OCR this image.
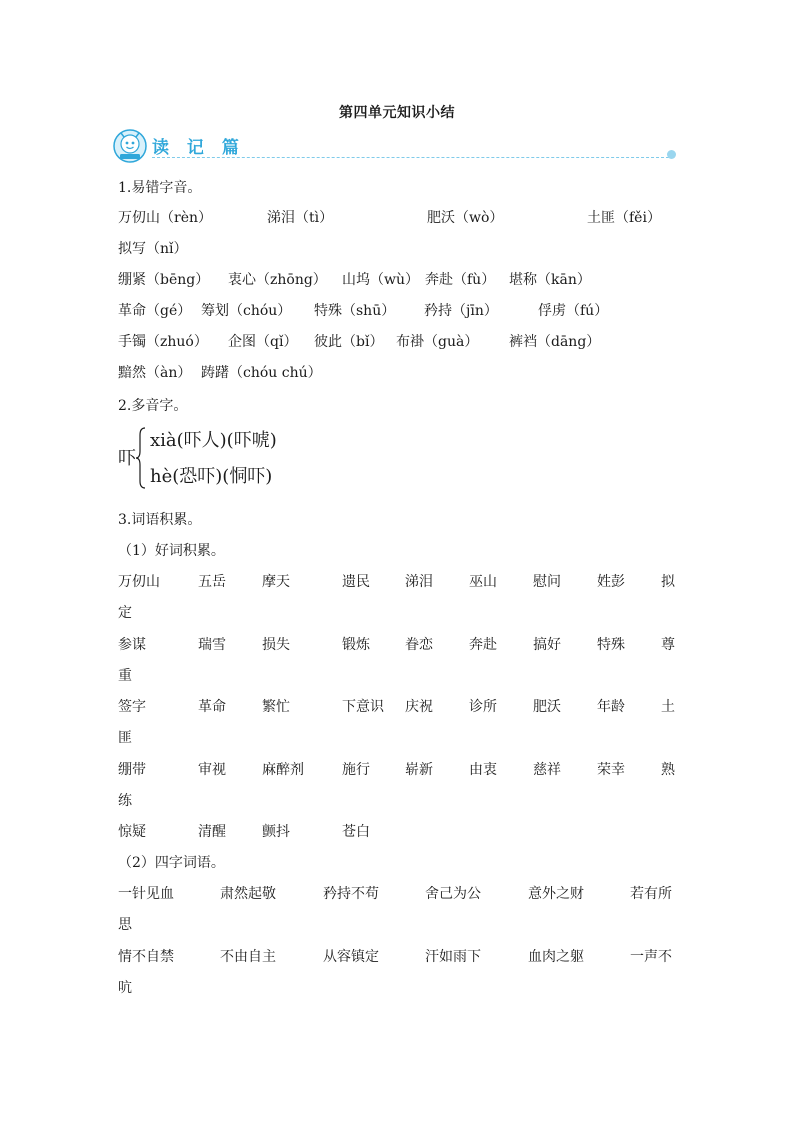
第四单元知识小结
读 记 篇
1.易错字音。
万仞山（rèn）	涕泪（tì）	肥沃（wò）	土匪（fěi）
拟写（nǐ）
绷紧（bēng） 衷心（zhōng） 山坞（wù） 奔赴（fù） 堪称（kān）
革命（gé） 筹划（chóu） 特殊（shū） 矜持（jīn）	俘虏（fú）
手镯（zhuó） 企图（qǐ） 彼此（bǐ） 布褂（guà） 裤裆（dāng）
黯然（àn） 踌躇（chóu chú）
2.多音字。
吓
xià(吓人)(吓唬)
hè(恐吓)(恫吓)
3.词语积累。
（1）好词积累。
万仞山	五岳	摩天	遗民	涕泪	巫山	慰问	姓彭	拟
定
参谋	瑞雪	损失	锻炼	眷恋	奔赴	搞好	特殊	尊
重
签字	革命	繁忙	下意识 庆祝	诊所	肥沃	年龄	土
匪
绷带	审视	麻醉剂	施行	崭新	由衷	慈祥	荣幸	熟
练
惊疑	清醒	颤抖	苍白
（2）四字词语。
一针见血	肃然起敬	矜持不苟	舍己为公	意外之财	若有所
思
情不自禁	不由自主	从容镇定	汗如雨下	血肉之躯	一声不
吭
